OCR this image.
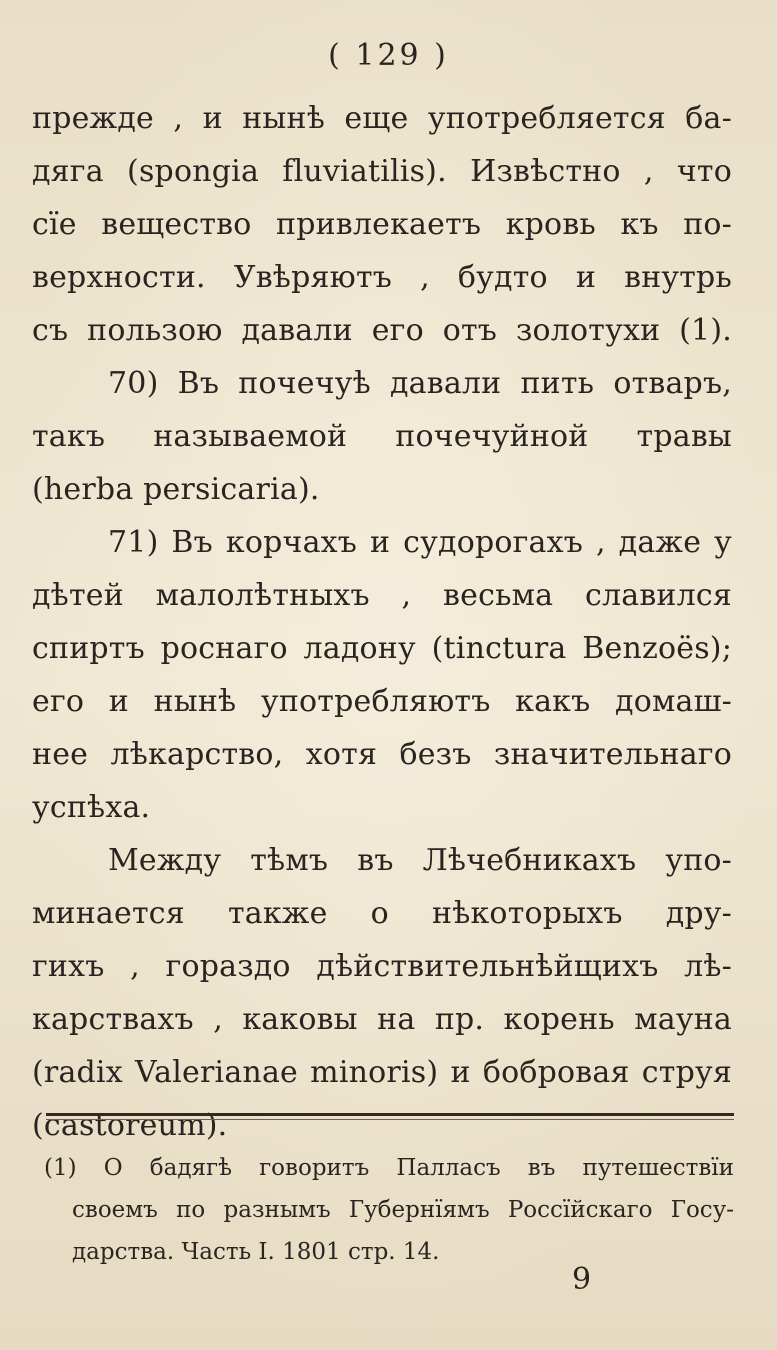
( 129 )
прежде , и нынѣ еще употребляется ба-
дяга (spongia fluviatilis). Извѣстно , что
сїе вещество привлекаетъ кровь къ по-
верхности. Увѣряютъ , будто и внутрь
съ пользою давали его отъ золотухи (1).
70) Въ почечуѣ давали пить отваръ,
такъ называемой почечуйной травы
(herba persicaria).
71) Въ корчахъ и судорогахъ , даже у
дѣтей малолѣтныхъ , весьма славился
спиртъ роснаго ладону (tinctura Benzoës);
его и нынѣ употребляютъ какъ домаш-
нее лѣкарство, хотя безъ значительнаго
успѣха.
Между тѣмъ въ Лѣчебникахъ упо-
минается также о нѣкоторыхъ дру-
гихъ , гораздо дѣйствительнѣйщихъ лѣ-
карствахъ , каковы на пр. корень мауна
(radix Valerianae minoris) и бобровая струя
(castoreum).
(1) О бадягѣ говоритъ Палласъ въ путешествїи
своемъ по разнымъ Губернїямъ Россїйскаго Госу-
дарства. Часть I. 1801 стр. 14.
9
